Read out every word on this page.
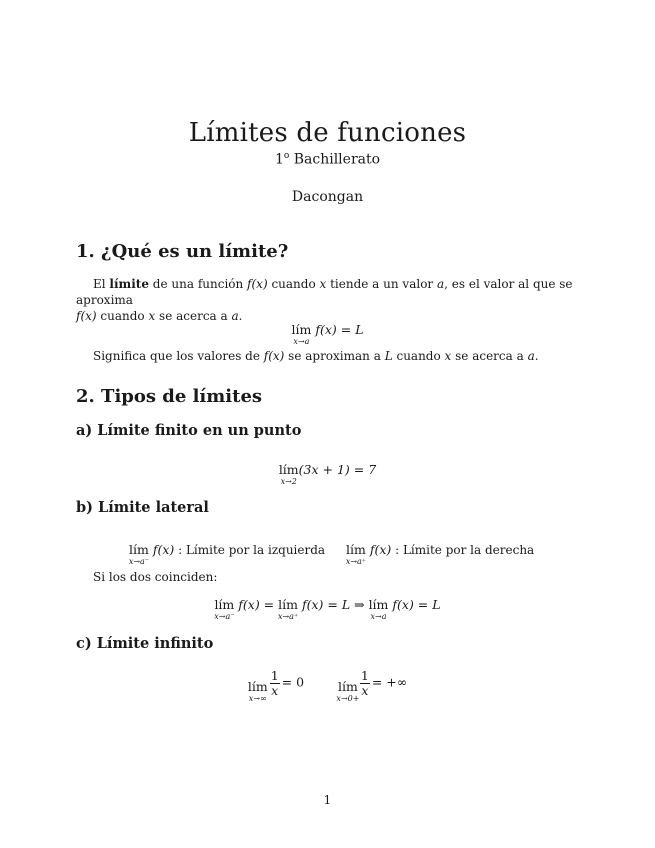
Límites de funciones
1$^o$ Bachillerato
Dacongan
1. ¿Qué es un límite?
El límite de una función f(x) cuando x tiende a un valor a, es el valor al que se aproxima
f(x) cuando x se acerca a a.
lím
x→a
f(x) = L
Significa que los valores de f(x) se aproximan a L cuando x se acerca a a.
2. Tipos de límites
a) Límite finito en un punto
lím
x→2
(3x + 1) = 7
b) Límite lateral
lím
x→a⁻
f(x) : Límite por la izquierda lím
x→a⁺
f(x) : Límite por la derecha
Si los dos coinciden:
lím
x→a⁻
f(x) = lím
x→a⁺
f(x) = L ⇒ lím
x→a
f(x) = L
c) Límite infinito
lím
x→∞
$\frac{1}{x} = 0$	lím
x→0+
$\frac{1}{x}$ = +∞
1
